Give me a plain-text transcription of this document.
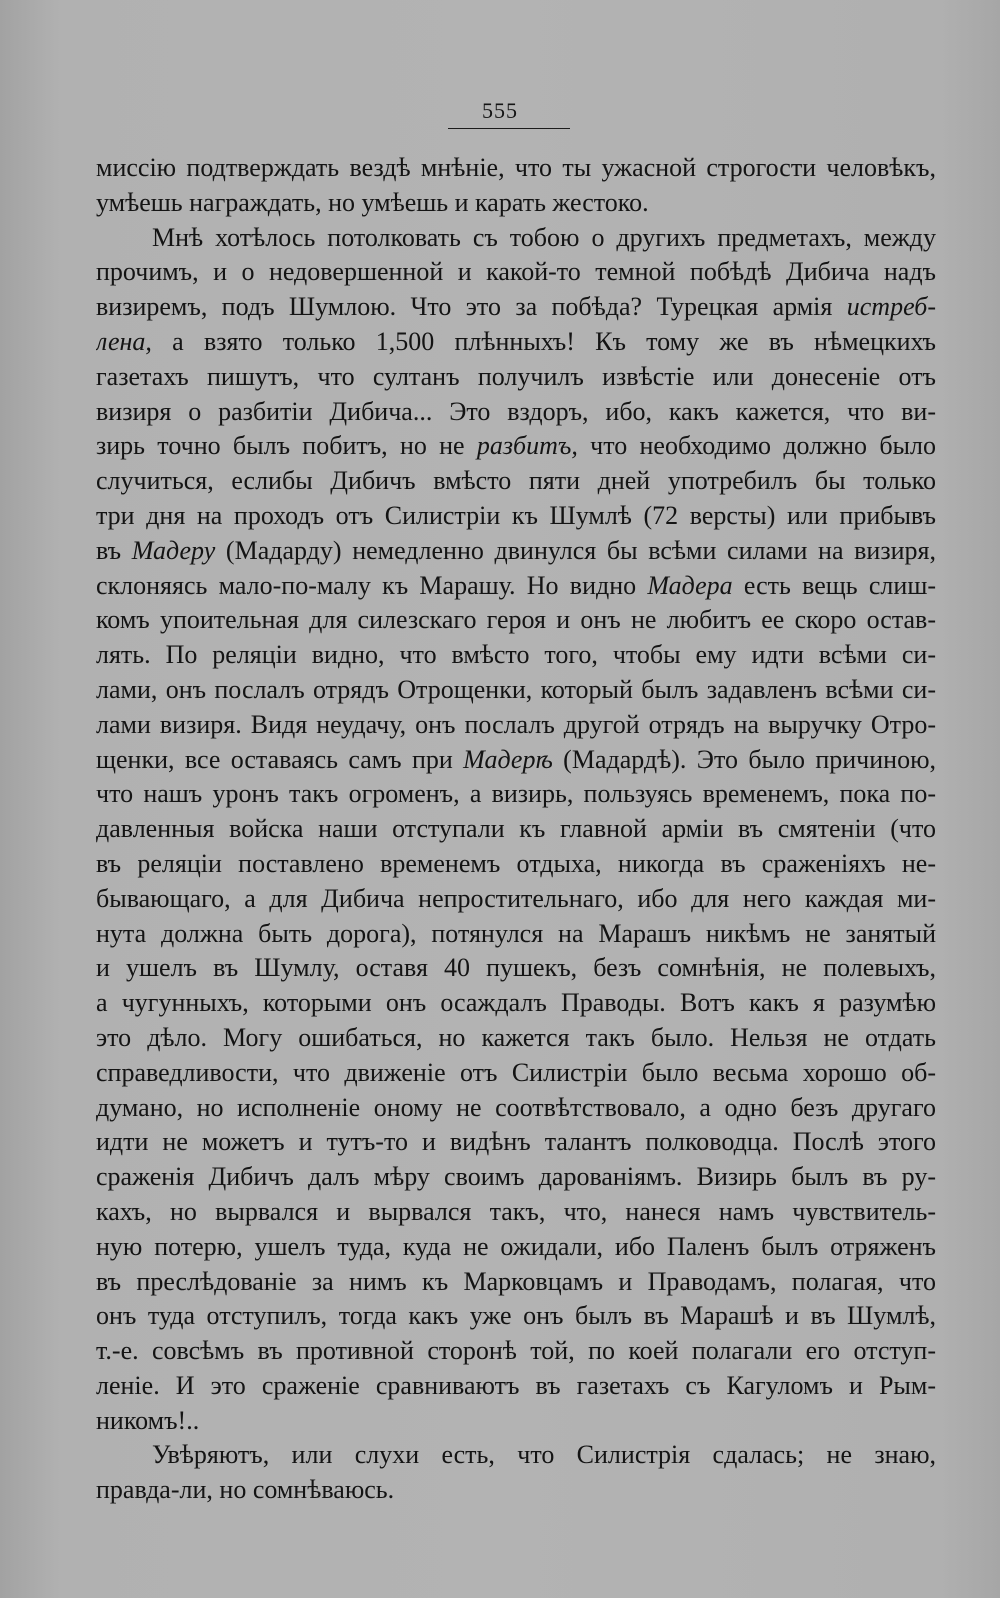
555
миссію подтверждать вездѣ мнѣніе, что ты ужасной строгости человѣкъ,
умѣешь награждать, но умѣешь и карать жестоко.
Мнѣ хотѣлось потолковать съ тобою о другихъ предметахъ, между
прочимъ, и о недовершенной и какой-то темной побѣдѣ Дибича надъ
визиремъ, подъ Шумлою. Что это за побѣда? Турецкая армія истреб-
лена, а взято только 1,500 плѣнныхъ! Къ тому же въ нѣмецкихъ
газетахъ пишутъ, что султанъ получилъ извѣстіе или донесеніе отъ
визиря о разбитіи Дибича... Это вздоръ, ибо, какъ кажется, что ви-
зирь точно былъ побитъ, но не разбитъ, что необходимо должно было
случиться, еслибы Дибичъ вмѣсто пяти дней употребилъ бы только
три дня на проходъ отъ Силистріи къ Шумлѣ (72 версты) или прибывъ
въ Мадеру (Мадарду) немедленно двинулся бы всѣми силами на визиря,
склоняясь мало-по-малу къ Марашу. Но видно Мадера есть вещь слиш-
комъ упоительная для силезскаго героя и онъ не любитъ ее скоро остав-
лять. По реляціи видно, что вмѣсто того, чтобы ему идти всѣми си-
лами, онъ послалъ отрядъ Отрощенки, который былъ задавленъ всѣми си-
лами визиря. Видя неудачу, онъ послалъ другой отрядъ на выручку Отро-
щенки, все оставаясь самъ при Мадерѣ (Мадардѣ). Это было причиною,
что нашъ уронъ такъ огроменъ, а визирь, пользуясь временемъ, пока по-
давленныя войска наши отступали къ главной арміи въ смятеніи (что
въ реляціи поставлено временемъ отдыха, никогда въ сраженіяхъ не-
бывающаго, а для Дибича непростительнаго, ибо для него каждая ми-
нута должна быть дорога), потянулся на Марашъ никѣмъ не занятый
и ушелъ въ Шумлу, оставя 40 пушекъ, безъ сомнѣнія, не полевыхъ,
а чугунныхъ, которыми онъ осаждалъ Праводы. Вотъ какъ я разумѣю
это дѣло. Могу ошибаться, но кажется такъ было. Нельзя не отдать
справедливости, что движеніе отъ Силистріи было весьма хорошо об-
думано, но исполненіе оному не соотвѣтствовало, а одно безъ другаго
идти не можетъ и тутъ-то и видѣнъ талантъ полководца. Послѣ этого
сраженія Дибичъ далъ мѣру своимъ дарованіямъ. Визирь былъ въ ру-
кахъ, но вырвался и вырвался такъ, что, нанеся намъ чувствитель-
ную потерю, ушелъ туда, куда не ожидали, ибо Паленъ былъ отряженъ
въ преслѣдованіе за нимъ къ Марковцамъ и Праводамъ, полагая, что
онъ туда отступилъ, тогда какъ уже онъ былъ въ Марашѣ и въ Шумлѣ,
т.-е. совсѣмъ въ противной сторонѣ той, по коей полагали его отступ-
леніе. И это сраженіе сравниваютъ въ газетахъ съ Кагуломъ и Рым-
никомъ!..
Увѣряютъ, или слухи есть, что Силистрія сдалась; не знаю,
правда-ли, но сомнѣваюсь.
